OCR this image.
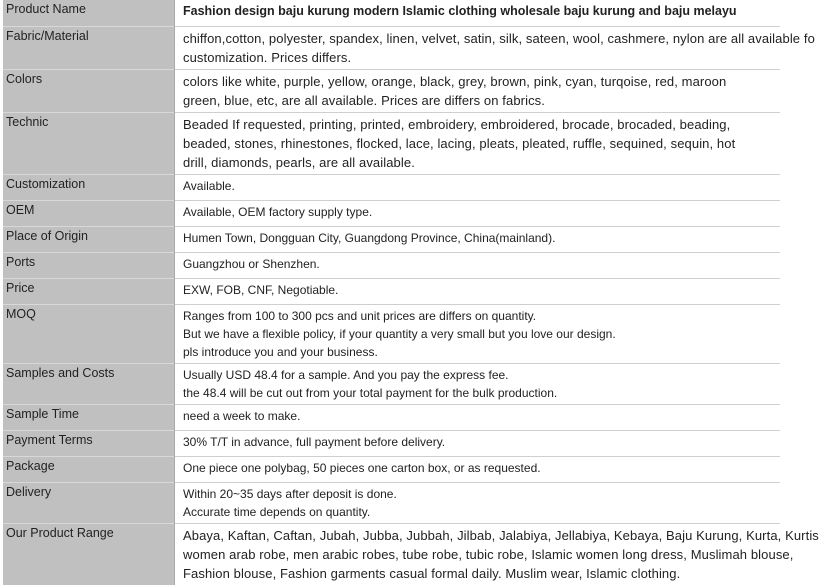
Product Name	Fashion design baju kurung modern Islamic clothing wholesale baju kurung and baju melayu

Fabric/Material	chiffon,cotton, polyester, spandex, linen, velvet, satin, silk, sateen, wool, cashmere, nylon are all available fo
customization. Prices differs.

Colors	colors like white, purple, yellow, orange, black, grey, brown, pink, cyan, turqoise, red, maroon
green, blue, etc, are all available. Prices are differs on fabrics.

Technic	Beaded If requested, printing, printed, embroidery, embroidered, brocade, brocaded, beading,
beaded, stones, rhinestones, flocked, lace, lacing, pleats, pleated, ruffle, sequined, sequin, hot
drill, diamonds, pearls, are all available.

Customization	Available.

OEM	Available, OEM factory supply type.

Place of Origin	Humen Town, Dongguan City, Guangdong Province, China(mainland).

Ports	Guangzhou or Shenzhen.

Price	EXW, FOB, CNF, Negotiable.

MOQ	Ranges from 100 to 300 pcs and unit prices are differs on quantity.
But we have a flexible policy, if your quantity a very small but you love our design.
pls introduce you and your business.

Samples and Costs	Usually USD 48.4 for a sample. And you pay the express fee.
the 48.4 will be cut out from your total payment for the bulk production.

Sample Time	need a week to make.

Payment Terms	30% T/T in advance, full payment before delivery.

Package	One piece one polybag, 50 pieces one carton box, or as requested.

Delivery	Within 20~35 days after deposit is done.
Accurate time depends on quantity.

Our Product Range	Abaya, Kaftan, Caftan, Jubah, Jubba, Jubbah, Jilbab, Jalabiya, Jellabiya, Kebaya, Baju Kurung, Kurta, Kurtis
women arab robe, men arabic robes, tube robe, tubic robe, Islamic women long dress, Muslimah blouse,
Fashion blouse, Fashion garments casual formal daily. Muslim wear, Islamic clothing.
